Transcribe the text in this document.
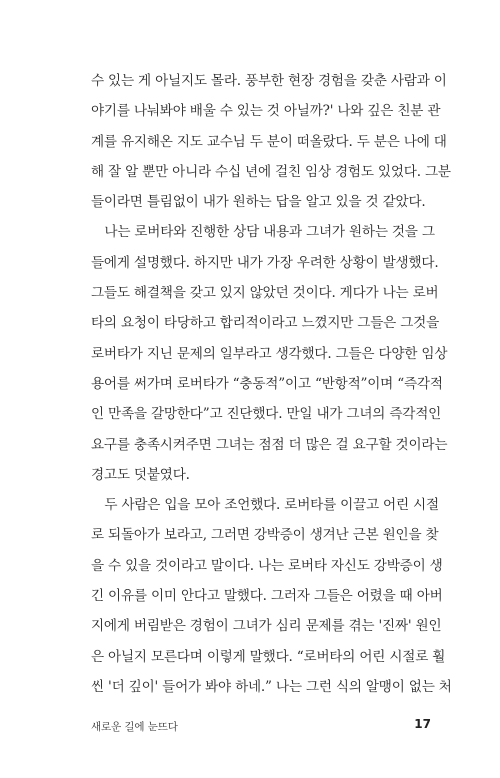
수 있는 게 아닐지도 몰라. 풍부한 현장 경험을 갖춘 사람과 이
야기를 나눠봐야 배울 수 있는 것 아닐까?' 나와 깊은 친분 관
계를 유지해온 지도 교수님 두 분이 떠올랐다. 두 분은 나에 대
해 잘 알 뿐만 아니라 수십 년에 걸친 임상 경험도 있었다. 그분
들이라면 틀림없이 내가 원하는 답을 알고 있을 것 같았다.
　나는 로버타와 진행한 상담 내용과 그녀가 원하는 것을 그
들에게 설명했다. 하지만 내가 가장 우려한 상황이 발생했다.
그들도 해결책을 갖고 있지 않았던 것이다. 게다가 나는 로버
타의 요청이 타당하고 합리적이라고 느꼈지만 그들은 그것을
로버타가 지닌 문제의 일부라고 생각했다. 그들은 다양한 임상
용어를 써가며 로버타가 “충동적”이고 “반항적”이며 “즉각적
인 만족을 갈망한다”고 진단했다. 만일 내가 그녀의 즉각적인
요구를 충족시켜주면 그녀는 점점 더 많은 걸 요구할 것이라는
경고도 덧붙였다.
　두 사람은 입을 모아 조언했다. 로버타를 이끌고 어린 시절
로 되돌아가 보라고, 그러면 강박증이 생겨난 근본 원인을 찾
을 수 있을 것이라고 말이다. 나는 로버타 자신도 강박증이 생
긴 이유를 이미 안다고 말했다. 그러자 그들은 어렸을 때 아버
지에게 버림받은 경험이 그녀가 심리 문제를 겪는 '진짜' 원인
은 아닐지 모른다며 이렇게 말했다. “로버타의 어린 시절로 훨
씬 '더 깊이' 들어가 봐야 하네.” 나는 그런 식의 알맹이 없는 처
새로운 길에 눈뜨다	17
